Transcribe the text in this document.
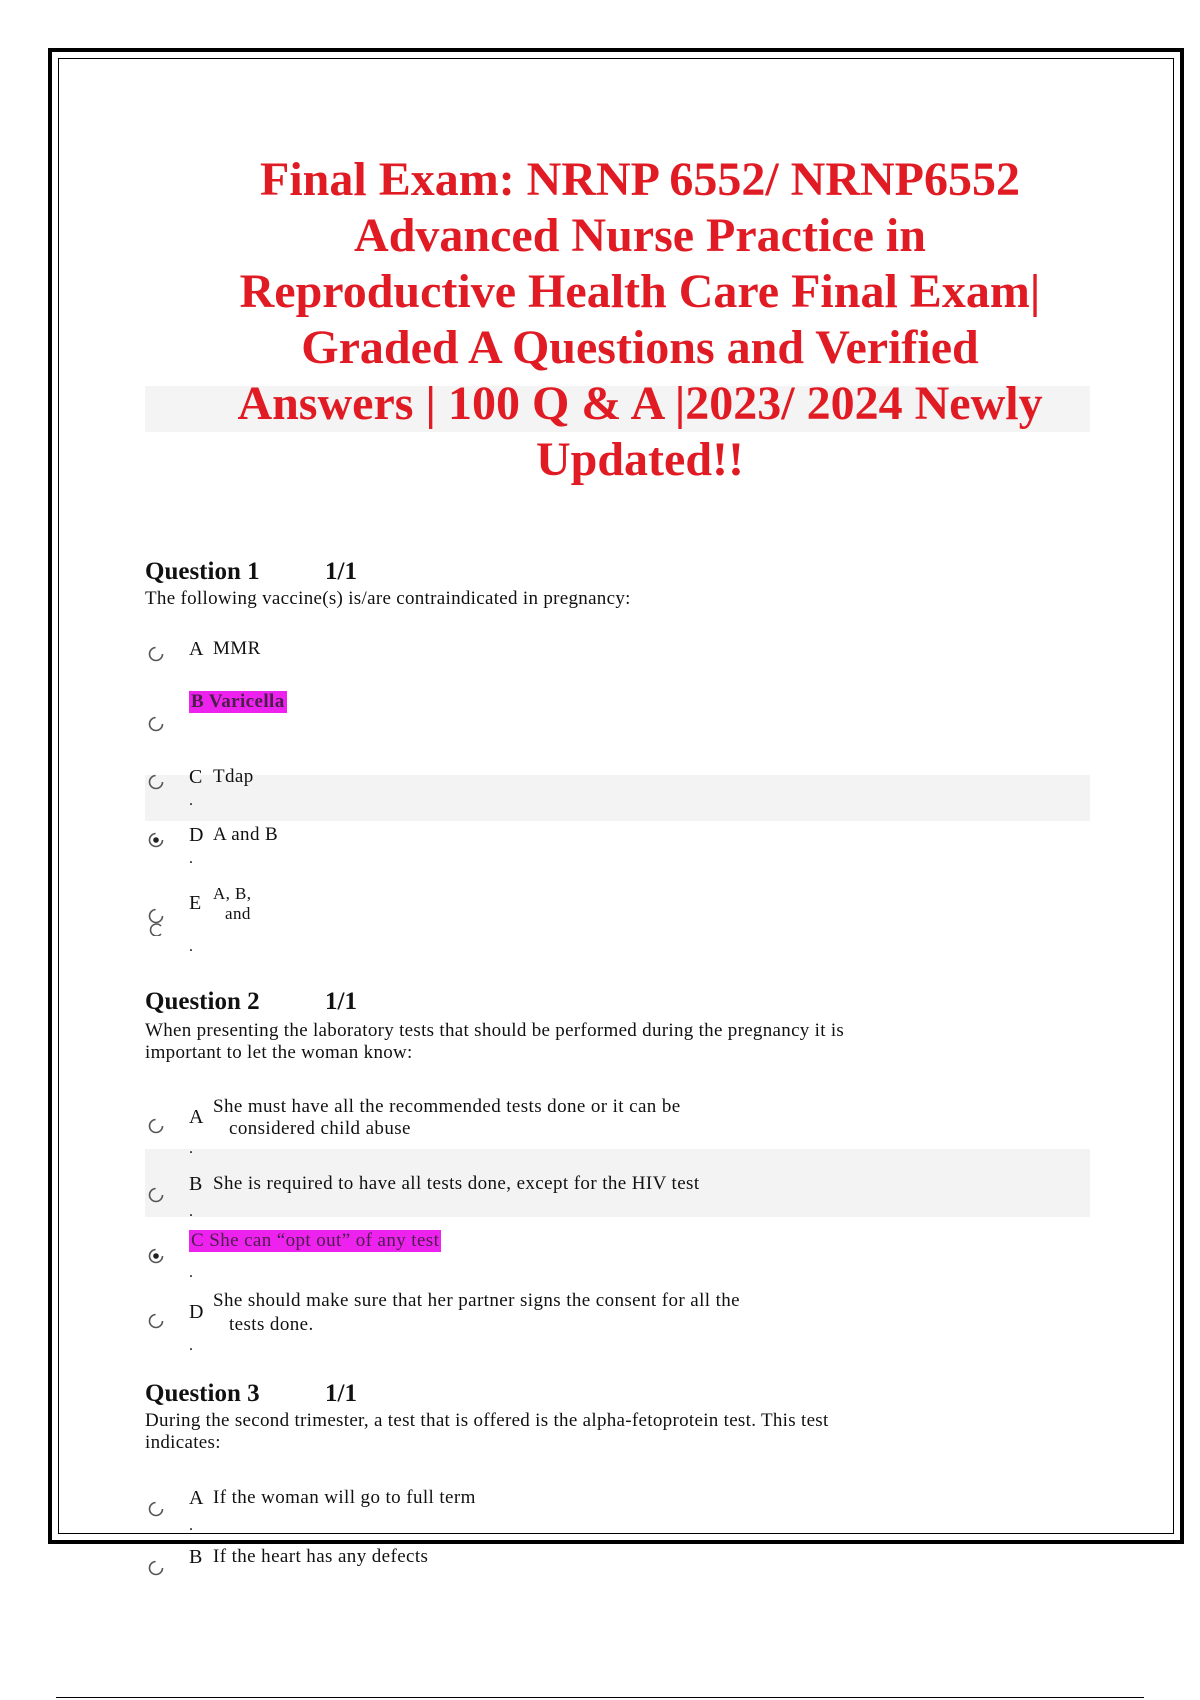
Final Exam: NRNP 6552/ NRNP6552
Advanced Nurse Practice in
Reproductive Health Care Final Exam|
Graded A Questions and Verified
Answers | 100 Q & A |2023/ 2024 Newly
Updated!!
Question 1	1/1
The following vaccine(s) is/are contraindicated in pregnancy:
A MMR
B Varicella
C Tdap
.
D A and B
.
E A, B,
and
.
Question 2	1/1
When presenting the laboratory tests that should be performed during the pregnancy it is
important to let the woman know:
A She must have all the recommended tests done or it can be
considered child abuse
.
B She is required to have all tests done, except for the HIV test
.
C She can “opt out” of any test
.
D
She should make sure that her partner signs the consent for all the
tests done.
.
Question 3	1/1
During the second trimester, a test that is offered is the alpha-fetoprotein test. This test
indicates:
A If the woman will go to full term
.
B If the heart has any defects
